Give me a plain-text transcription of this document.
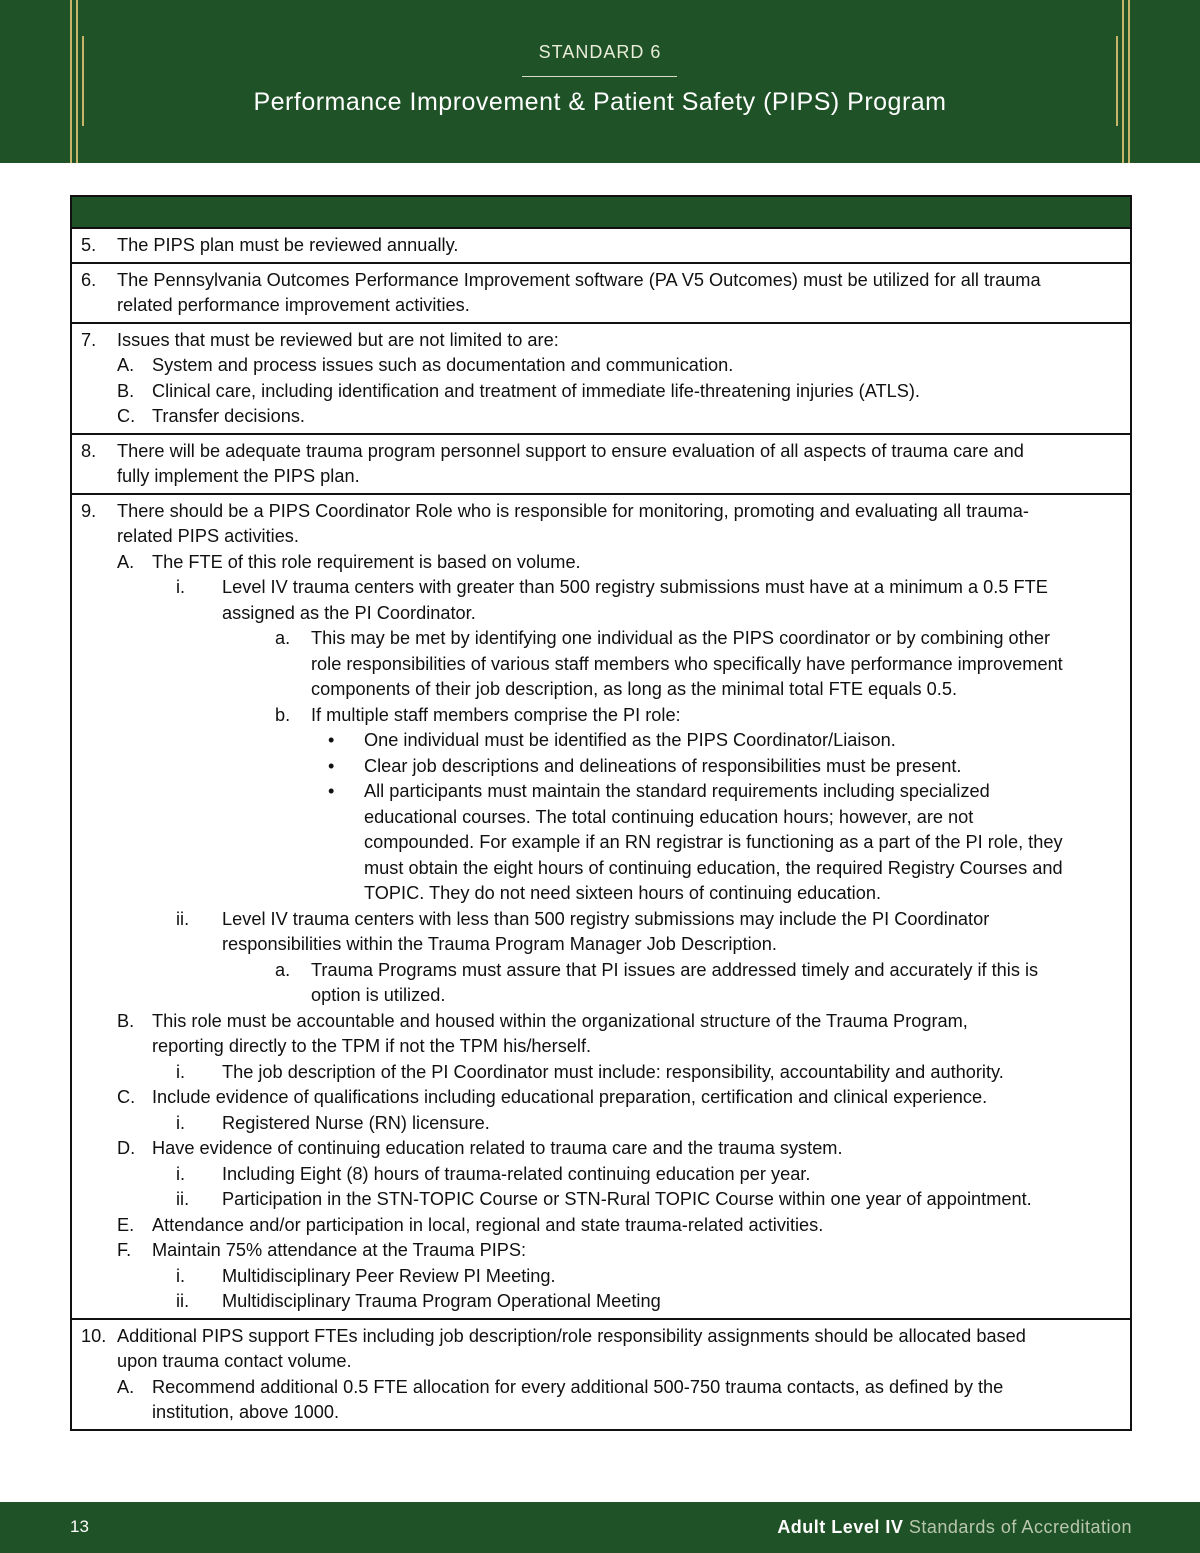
STANDARD 6
Performance Improvement & Patient Safety (PIPS) Program
5. The PIPS plan must be reviewed annually.
6. The Pennsylvania Outcomes Performance Improvement software (PA V5 Outcomes) must be utilized for all trauma
related performance improvement activities.
7. Issues that must be reviewed but are not limited to are:
A. System and process issues such as documentation and communication.
B. Clinical care, including identification and treatment of immediate life-threatening injuries (ATLS).
C. Transfer decisions.
8. There will be adequate trauma program personnel support to ensure evaluation of all aspects of trauma care and
fully implement the PIPS plan.
9. There should be a PIPS Coordinator Role who is responsible for monitoring, promoting and evaluating all trauma-
related PIPS activities.
A. The FTE of this role requirement is based on volume.
i. Level IV trauma centers with greater than 500 registry submissions must have at a minimum a 0.5 FTE
assigned as the PI Coordinator.
a. This may be met by identifying one individual as the PIPS coordinator or by combining other
role responsibilities of various staff members who specifically have performance improvement
components of their job description, as long as the minimal total FTE equals 0.5.
b. If multiple staff members comprise the PI role:
• One individual must be identified as the PIPS Coordinator/Liaison.
• Clear job descriptions and delineations of responsibilities must be present.
• All participants must maintain the standard requirements including specialized
educational courses. The total continuing education hours; however, are not
compounded. For example if an RN registrar is functioning as a part of the PI role, they
must obtain the eight hours of continuing education, the required Registry Courses and
TOPIC. They do not need sixteen hours of continuing education.
ii. Level IV trauma centers with less than 500 registry submissions may include the PI Coordinator
responsibilities within the Trauma Program Manager Job Description.
a. Trauma Programs must assure that PI issues are addressed timely and accurately if this is
option is utilized.
B. This role must be accountable and housed within the organizational structure of the Trauma Program,
reporting directly to the TPM if not the TPM his/herself.
i. The job description of the PI Coordinator must include: responsibility, accountability and authority.
C. Include evidence of qualifications including educational preparation, certification and clinical experience.
i. Registered Nurse (RN) licensure.
D. Have evidence of continuing education related to trauma care and the trauma system.
i. Including Eight (8) hours of trauma-related continuing education per year.
ii. Participation in the STN-TOPIC Course or STN-Rural TOPIC Course within one year of appointment.
E. Attendance and/or participation in local, regional and state trauma-related activities.
F. Maintain 75% attendance at the Trauma PIPS:
i. Multidisciplinary Peer Review PI Meeting.
ii. Multidisciplinary Trauma Program Operational Meeting
10. Additional PIPS support FTEs including job description/role responsibility assignments should be allocated based
upon trauma contact volume.
A. Recommend additional 0.5 FTE allocation for every additional 500-750 trauma contacts, as defined by the
institution, above 1000.
13	Adult Level IV Standards of Accreditation
